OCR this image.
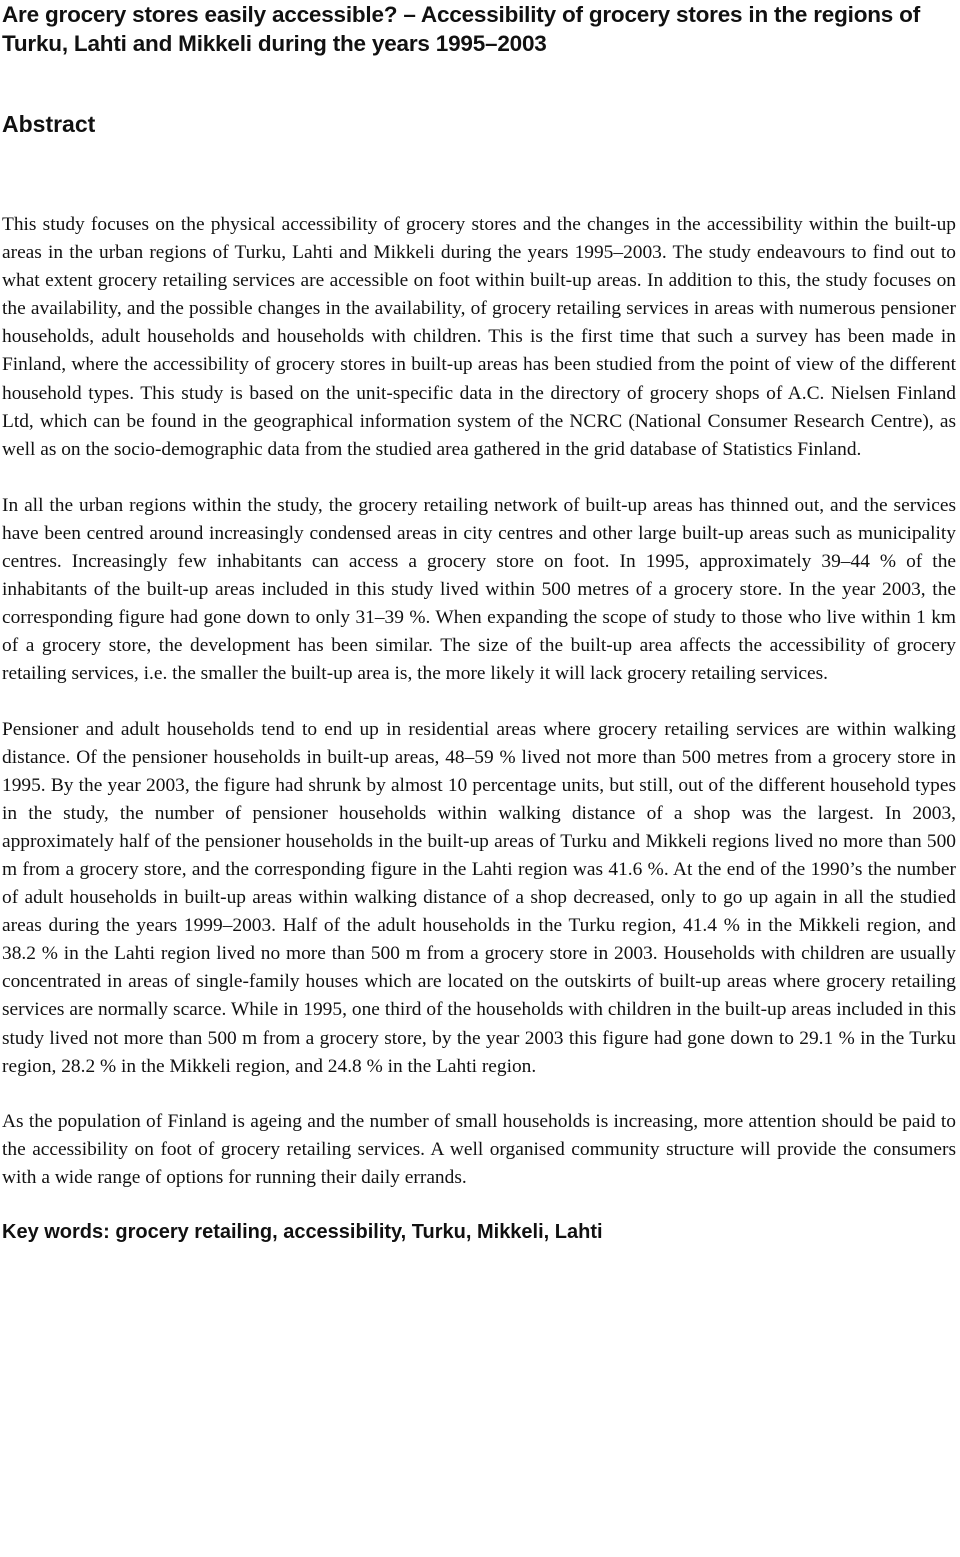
Are grocery stores easily accessible? – Accessibility of grocery stores in the regions of Turku, Lahti and Mikkeli during the years 1995–2003
Abstract

This study focuses on the physical accessibility of grocery stores and the changes in the accessibility within the built-up areas in the urban regions of Turku, Lahti and Mikkeli during the years 1995–2003. The study endeavours to find out to what extent grocery retailing services are accessible on foot within built-up areas. In addition to this, the study focuses on the availability, and the possible changes in the availability, of grocery retailing services in areas with numerous pensioner households, adult households and households with children. This is the first time that such a survey has been made in Finland, where the accessibility of grocery stores in built-up areas has been studied from the point of view of the different household types. This study is based on the unit-specific data in the directory of grocery shops of A.C. Nielsen Finland Ltd, which can be found in the geographical information system of the NCRC (National Consumer Research Centre), as well as on the socio-demographic data from the studied area gathered in the grid database of Statistics Finland.

In all the urban regions within the study, the grocery retailing network of built-up areas has thinned out, and the services have been centred around increasingly condensed areas in city centres and other large built-up areas such as municipality centres. Increasingly few inhabitants can access a grocery store on foot. In 1995, approximately 39–44 % of the inhabitants of the built-up areas included in this study lived within 500 metres of a grocery store. In the year 2003, the corresponding figure had gone down to only 31–39 %. When expanding the scope of study to those who live within 1 km of a grocery store, the development has been similar. The size of the built-up area affects the accessibility of grocery retailing services, i.e. the smaller the built-up area is, the more likely it will lack grocery retailing services.

Pensioner and adult households tend to end up in residential areas where grocery retailing services are within walking distance. Of the pensioner households in built-up areas, 48–59 % lived not more than 500 metres from a grocery store in 1995. By the year 2003, the figure had shrunk by almost 10 percentage units, but still, out of the different household types in the study, the number of pensioner households within walking distance of a shop was the largest. In 2003, approximately half of the pensioner households in the built-up areas of Turku and Mikkeli regions lived no more than 500 m from a grocery store, and the corresponding figure in the Lahti region was 41.6 %. At the end of the 1990’s the number of adult households in built-up areas within walking distance of a shop decreased, only to go up again in all the studied areas during the years 1999–2003. Half of the adult households in the Turku region, 41.4 % in the Mikkeli region, and 38.2 % in the Lahti region lived no more than 500 m from a grocery store in 2003. Households with children are usually concentrated in areas of single-family houses which are located on the outskirts of built-up areas where grocery retailing services are normally scarce. While in 1995, one third of the households with children in the built-up areas included in this study lived not more than 500 m from a grocery store, by the year 2003 this figure had gone down to 29.1 % in the Turku region, 28.2 % in the Mikkeli region, and 24.8 % in the Lahti region.

As the population of Finland is ageing and the number of small households is increasing, more attention should be paid to the accessibility on foot of grocery retailing services. A well organised community structure will provide the consumers with a wide range of options for running their daily errands.

Key words: grocery retailing, accessibility, Turku, Mikkeli, Lahti
